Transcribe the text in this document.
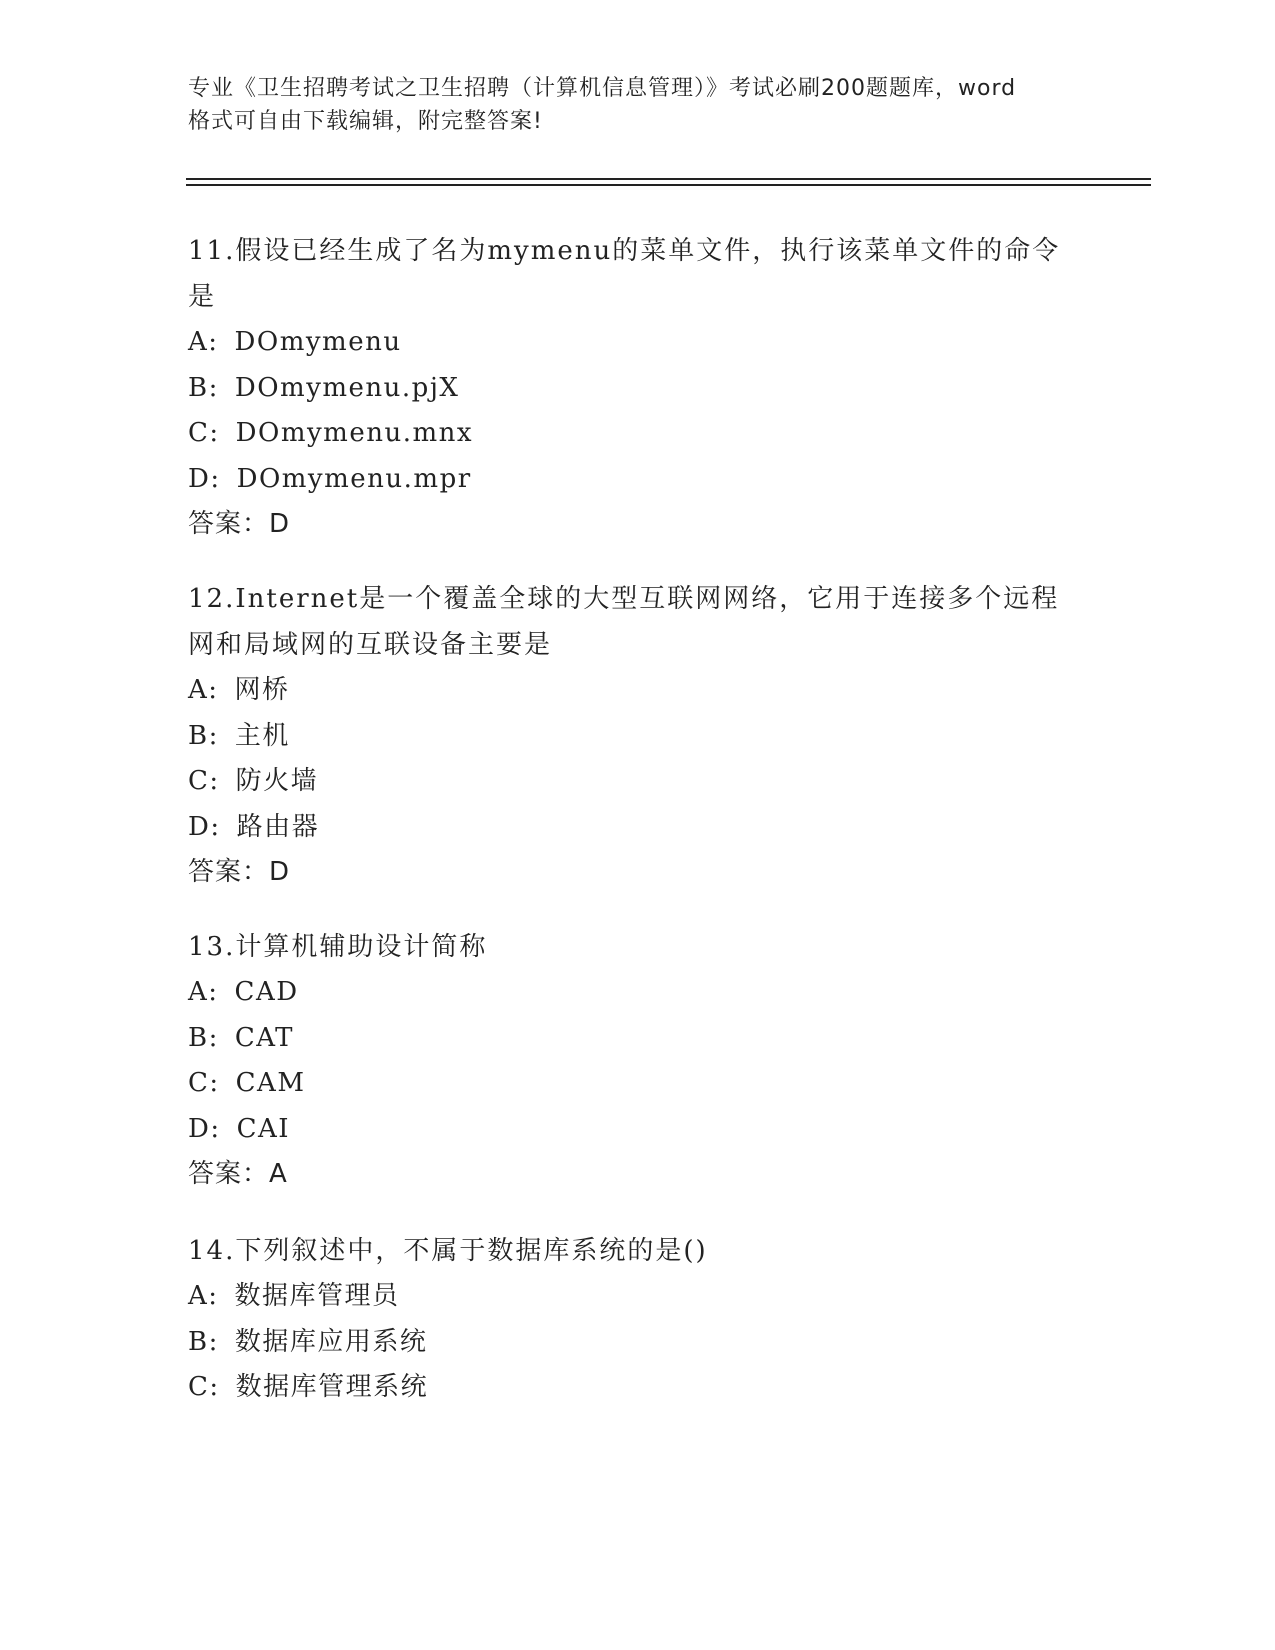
专业《卫生招聘考试之卫生招聘（计算机信息管理）》考试必刷200题题库，word
格式可自由下载编辑，附完整答案!
11.假设已经生成了名为mymenu的菜单文件，执行该菜单文件的命令
是
A: DOmymenu
B: DOmymenu.pjX
C: DOmymenu.mnx
D: DOmymenu.mpr
答案：D
12.Internet是一个覆盖全球的大型互联网网络，它用于连接多个远程
网和局域网的互联设备主要是
A: 网桥
B: 主机
C: 防火墙
D: 路由器
答案：D
13.计算机辅助设计简称
A: CAD
B: CAT
C: CAM
D: CAI
答案：A
14.下列叙述中，不属于数据库系统的是()
A: 数据库管理员
B: 数据库应用系统
C: 数据库管理系统
